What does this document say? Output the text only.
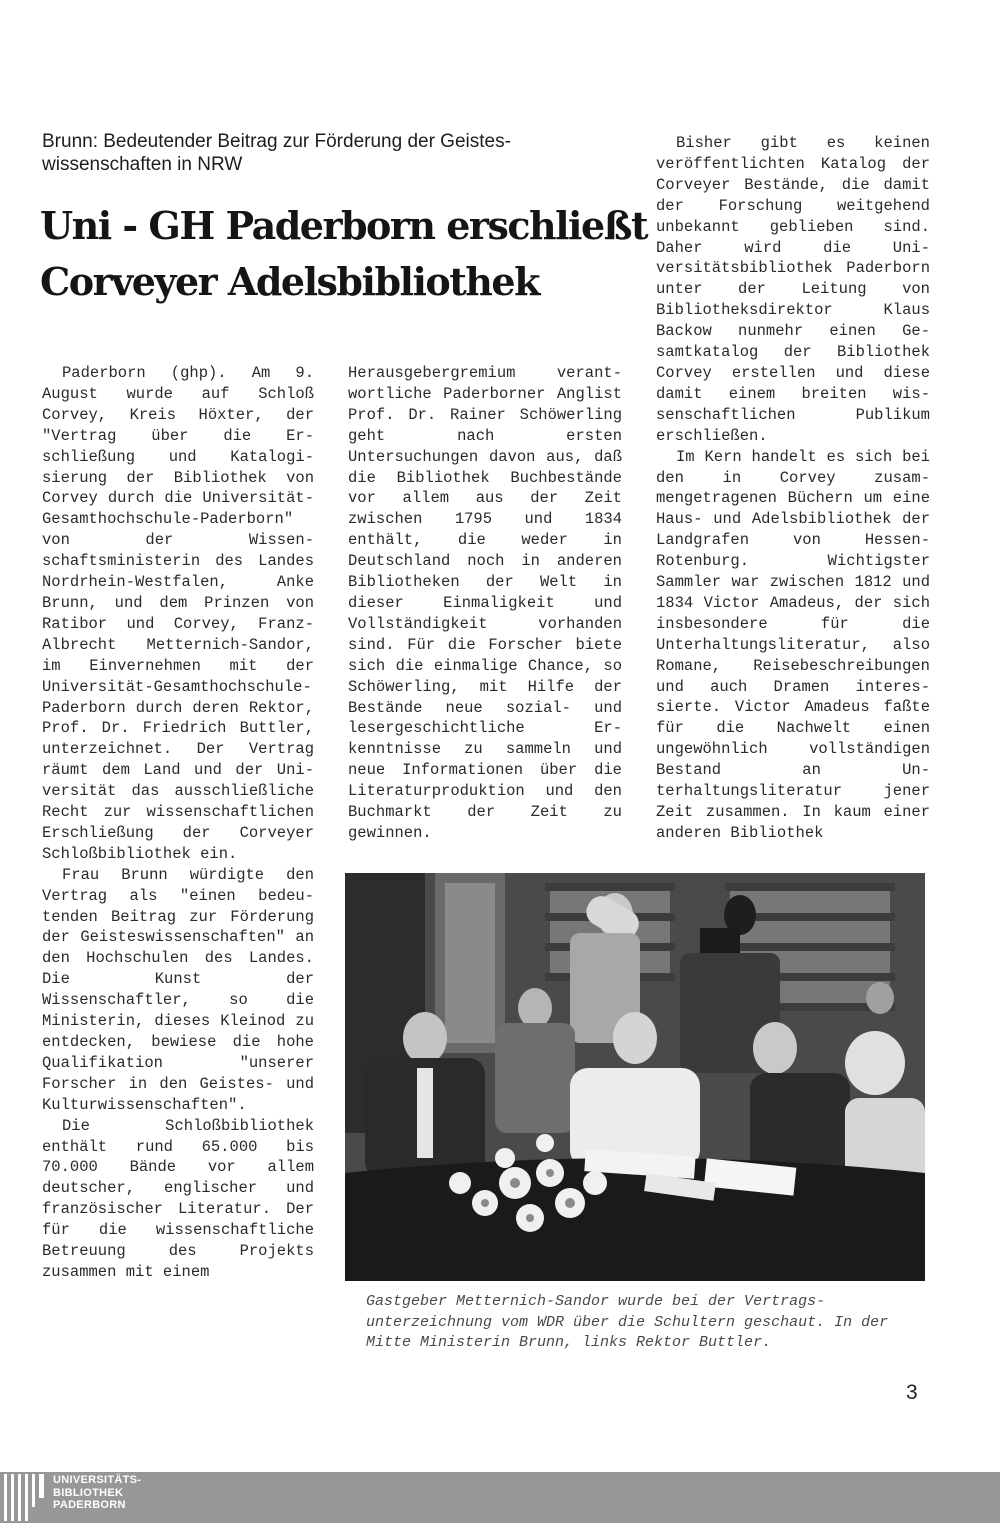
Brunn: Bedeutender Beitrag zur Förderung der Geistes-wissenschaften in NRW
Uni - GH Paderborn erschließt Corveyer Adelsbibliothek

Paderborn (ghp). Am 9. August wurde auf Schloß Corvey, Kreis Höxter, der "Vertrag über die Erschließung und Katalogisierung der Bibliothek von Corvey durch die Universität-Gesamthochschule-Paderborn" von der Wissenschaftsministerin des Landes Nordrhein-Westfalen, Anke Brunn, und dem Prinzen von Ratibor und Corvey, Franz-Albrecht Metternich-Sandor, im Einvernehmen mit der Universität-Gesamthochschule-Paderborn durch deren Rektor, Prof. Dr. Friedrich Buttler, unterzeichnet. Der Vertrag räumt dem Land und der Universität das ausschließliche Recht zur wissenschaftlichen Erschließung der Corveyer Schloßbibliothek ein.

Frau Brunn würdigte den Vertrag als "einen bedeutenden Beitrag zur Förderung der Geisteswissenschaften" an den Hochschulen des Landes. Die Kunst der Wissenschaftler, so die Ministerin, dieses Kleinod zu entdecken, bewiese die hohe Qualifikation "unserer Forscher in den Geistes- und Kulturwissenschaften".

Die Schloßbibliothek enthält rund 65.000 bis 70.000 Bände vor allem deutscher, englischer und französischer Literatur. Der für die wissenschaftliche Betreuung des Projekts zusammen mit einem

Herausgebergremium verantwortliche Paderborner Anglist Prof. Dr. Rainer Schöwerling geht nach ersten Untersuchungen davon aus, daß die Bibliothek Buchbestände vor allem aus der Zeit zwischen 1795 und 1834 enthält, die weder in Deutschland noch in anderen Bibliotheken der Welt in dieser Einmaligkeit und Vollständigkeit vorhanden sind. Für die Forscher biete sich die einmalige Chance, so Schöwerling, mit Hilfe der Bestände neue sozial- und lesergeschichtliche Erkenntnisse zu sammeln und neue Informationen über die Literaturproduktion und den Buchmarkt der Zeit zu gewinnen.

Bisher gibt es keinen veröffentlichten Katalog der Corveyer Bestände, die damit der Forschung weitgehend unbekannt geblieben sind. Daher wird die Universitätsbibliothek Paderborn unter der Leitung von Bibliotheksdirektor Klaus Backow nunmehr einen Gesamtkatalog der Bibliothek Corvey erstellen und diese damit einem breiten wissenschaftlichen Publikum erschließen.

Im Kern handelt es sich bei den in Corvey zusammengetragenen Büchern um eine Haus- und Adelsbibliothek der Landgrafen von Hessen-Rotenburg. Wichtigster Sammler war zwischen 1812 und 1834 Victor Amadeus, der sich insbesondere für die Unterhaltungsliteratur, also Romane, Reisebeschreibungen und auch Dramen interessierte. Victor Amadeus faßte für die Nachwelt einen ungewöhnlich vollständigen Bestand an Unterhaltungsliteratur jener Zeit zusammen. In kaum einer anderen Bibliothek

Gastgeber Metternich-Sandor wurde bei der Vertrags-unterzeichnung vom WDR über die Schultern geschaut. In der Mitte Ministerin Brunn, links Rektor Buttler.
3
UNIVERSITÄTS-
BIBLIOTHEK
PADERBORN
